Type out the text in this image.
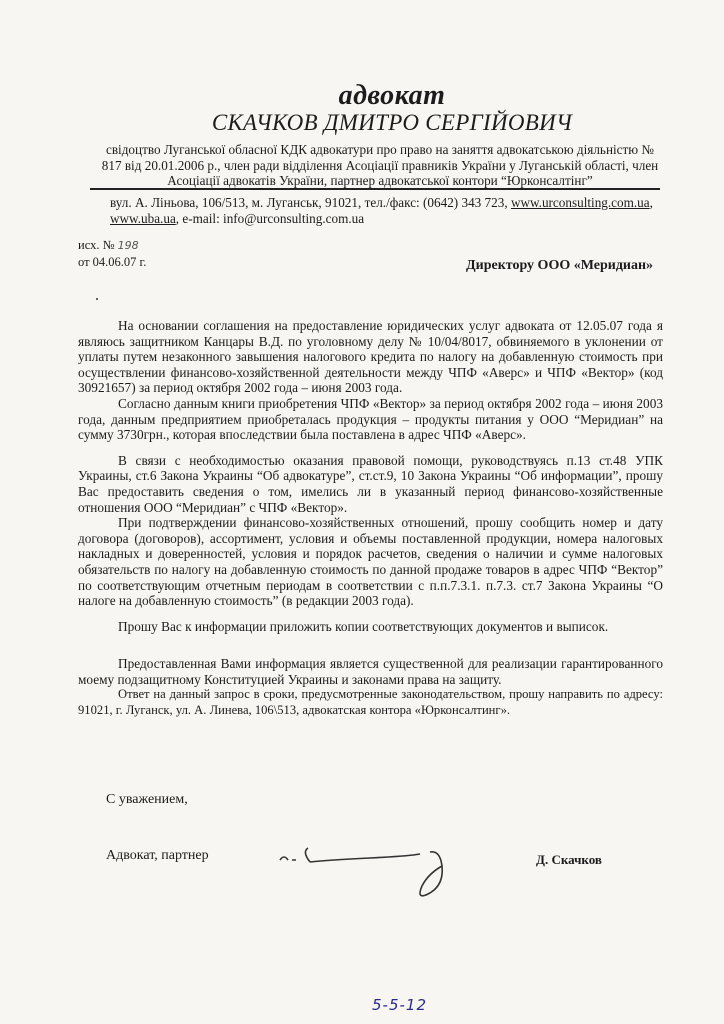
адвокат
СКАЧКОВ ДМИТРО СЕРГІЙОВИЧ
свідоцтво Луганської обласної КДК адвокатури про право на заняття адвокатською діяльністю № 817 від 20.01.2006 р., член ради відділення Асоціації правників України у Луганській області, член Асоціації адвокатів України, партнер адвокатської контори “Юрконсалтінг”
вул. А. Ліньова, 106/513, м. Луганськ, 91021, тел./факс: (0642) 343 723, www.urconsulting.com.ua,
www.uba.ua, e-mail: info@urconsulting.com.ua
исх. № 198
от 04.06.07 г.	Директору ООО «Меридиан»

На основании соглашения на предоставление юридических услуг адвоката от 12.05.07 года я являюсь защитником Канцары В.Д. по уголовному делу № 10/04/8017, обвиняемого в уклонении от уплаты путем незаконного завышения налогового кредита по налогу на добавленную стоимость при осуществлении финансово-хозяйственной деятельности между ЧПФ «Аверс» и ЧПФ «Вектор» (код 30921657) за период октября 2002 года – июня 2003 года.

Согласно данным книги приобретения ЧПФ «Вектор» за период октября 2002 года – июня 2003 года, данным предприятием приобреталась продукция – продукты питания у ООО “Меридиан” на сумму 3730грн., которая впоследствии была поставлена в адрес ЧПФ «Аверс».

В связи с необходимостью оказания правовой помощи, руководствуясь п.13 ст.48 УПК Украины, ст.6 Закона Украины “Об адвокатуре”, ст.ст.9, 10 Закона Украины “Об информации”, прошу Вас предоставить сведения о том, имелись ли в указанный период финансово-хозяйственные отношения ООО “Меридиан” с ЧПФ «Вектор».

При подтверждении финансово-хозяйственных отношений, прошу сообщить номер и дату договора (договоров), ассортимент, условия и объемы поставленной продукции, номера налоговых накладных и доверенностей, условия и порядок расчетов, сведения о наличии и сумме налоговых обязательств по налогу на добавленную стоимость по данной продаже товаров в адрес ЧПФ “Вектор” по соответствующим отчетным периодам в соответствии с п.п.7.3.1. п.7.3. ст.7 Закона Украины “О налоге на добавленную стоимость” (в редакции 2003 года).

Прошу Вас к информации приложить копии соответствующих документов и выписок.

Предоставленная Вами информация является существенной для реализации гарантированного моему подзащитному Конституцией Украины и законами права на защиту.

Ответ на данный запрос в сроки, предусмотренные законодательством, прошу направить по адресу: 91021, г. Луганск, ул. А. Линева, 106\513, адвокатская контора «Юрконсалтинг».

С уважением,
Адвокат, партнер	Д. Скачков
5-5-12
